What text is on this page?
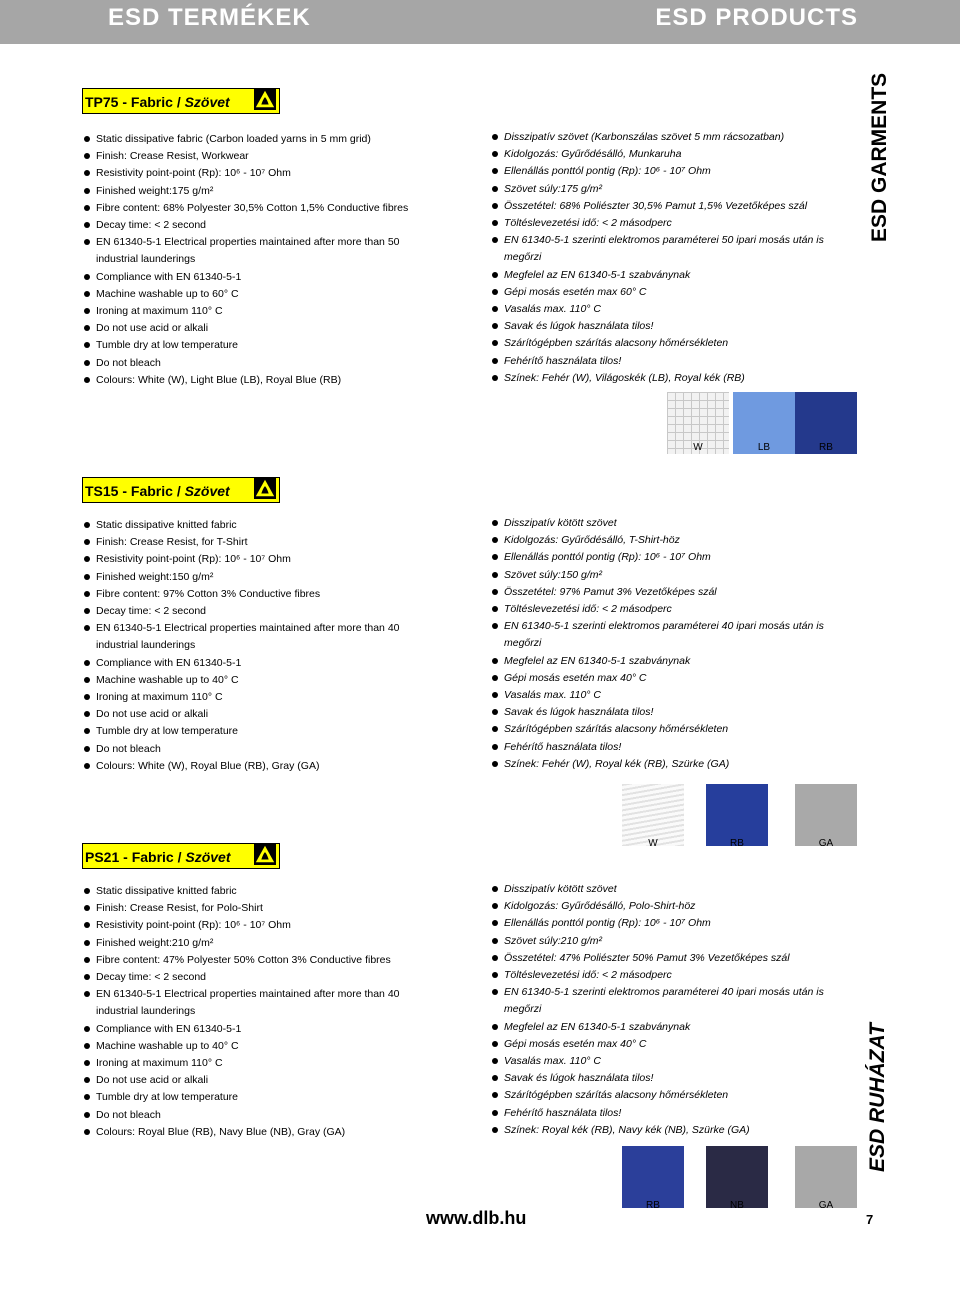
ESD TERMÉKEK	ESD PRODUCTS
TP75 - Fabric / Szövet
Static dissipative fabric (Carbon loaded yarns in 5 mm grid)
Finish: Crease Resist, Workwear
Resistivity point-point (Rp): 10⁶ - 10⁷ Ohm
Finished weight:175 g/m²
Fibre content: 68% Polyester 30,5% Cotton 1,5% Conductive fibres
Decay time: < 2 second
EN 61340-5-1 Electrical properties maintained after more than 50 industrial launderings
Compliance with EN 61340-5-1
Machine washable up to 60° C
Ironing at maximum 110° C
Do not use acid or alkali
Tumble dry at low temperature
Do not bleach
Colours: White (W), Light Blue (LB), Royal Blue (RB)
Disszipatív szövet (Karbonszálas szövet 5 mm rácsozatban)
Kidolgozás: Gyűrődésálló, Munkaruha
Ellenállás ponttól pontig (Rp): 10⁶ - 10⁷ Ohm
Szövet súly:175 g/m²
Összetétel: 68% Poliészter 30,5% Pamut 1,5% Vezetőképes szál
Töltéslevezetési idő: < 2 másodperc
EN 61340-5-1 szerinti elektromos paraméterei 50 ipari mosás után is megőrzi
Megfelel az EN 61340-5-1 szabványnak
Gépi mosás esetén max 60° C
Vasalás max. 110° C
Savak és lúgok használata tilos!
Szárítógépben szárítás alacsony hőmérsékleten
Fehérítő használata tilos!
Színek: Fehér (W), Világoskék (LB), Royal kék (RB)
W	LB	RB
TS15 - Fabric / Szövet
Static dissipative knitted fabric
Finish: Crease Resist, for T-Shirt
Resistivity point-point (Rp): 10⁶ - 10⁷ Ohm
Finished weight:150 g/m²
Fibre content: 97% Cotton 3% Conductive fibres
Decay time: < 2 second
EN 61340-5-1 Electrical properties maintained after more than 40 industrial launderings
Compliance with EN 61340-5-1
Machine washable up to 40° C
Ironing at maximum 110° C
Do not use acid or alkali
Tumble dry at low temperature
Do not bleach
Colours: White (W), Royal Blue (RB), Gray (GA)
Disszipatív kötött szövet
Kidolgozás: Gyűrődésálló, T-Shirt-höz
Ellenállás ponttól pontig (Rp): 10⁶ - 10⁷ Ohm
Szövet súly:150 g/m²
Összetétel: 97% Pamut 3% Vezetőképes szál
Töltéslevezetési idő: < 2 másodperc
EN 61340-5-1 szerinti elektromos paraméterei 40 ipari mosás után is megőrzi
Megfelel az EN 61340-5-1 szabványnak
Gépi mosás esetén max 40° C
Vasalás max. 110° C
Savak és lúgok használata tilos!
Szárítógépben szárítás alacsony hőmérsékleten
Fehérítő használata tilos!
Színek: Fehér (W), Royal kék (RB), Szürke (GA)
W	RB	GA
PS21 - Fabric / Szövet
Static dissipative knitted fabric
Finish: Crease Resist, for Polo-Shirt
Resistivity point-point (Rp): 10⁶ - 10⁷ Ohm
Finished weight:210 g/m²
Fibre content: 47% Polyester 50% Cotton 3% Conductive fibres
Decay time: < 2 second
EN 61340-5-1 Electrical properties maintained after more than 40 industrial launderings
Compliance with EN 61340-5-1
Machine washable up to 40° C
Ironing at maximum 110° C
Do not use acid or alkali
Tumble dry at low temperature
Do not bleach
Colours: Royal Blue (RB), Navy Blue (NB), Gray (GA)
Disszipatív kötött szövet
Kidolgozás: Gyűrődésálló, Polo-Shirt-höz
Ellenállás ponttól pontig (Rp): 10⁶ - 10⁷ Ohm
Szövet súly:210 g/m²
Összetétel: 47% Poliészter 50% Pamut 3% Vezetőképes szál
Töltéslevezetési idő: < 2 másodperc
EN 61340-5-1 szerinti elektromos paraméterei 40 ipari mosás után is megőrzi
Megfelel az EN 61340-5-1 szabványnak
Gépi mosás esetén max 40° C
Vasalás max. 110° C
Savak és lúgok használata tilos!
Szárítógépben szárítás alacsony hőmérsékleten
Fehérítő használata tilos!
Színek: Royal kék (RB), Navy kék (NB), Szürke (GA)
RB	NB	GA
ESD GARMENTS
ESD RUHÁZAT
www.dlb.hu	7
